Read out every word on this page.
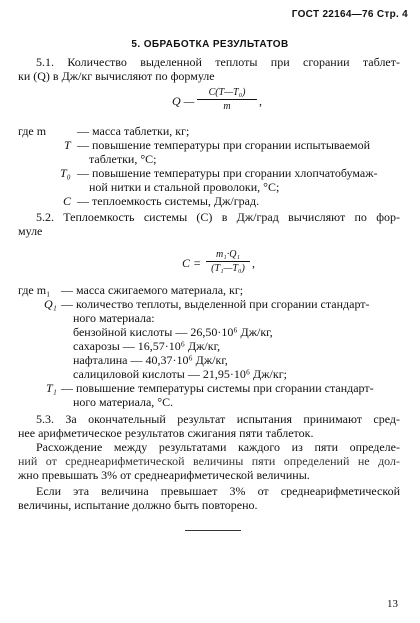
ГОСТ 22164—76 Стр. 4
5. ОБРАБОТКА РЕЗУЛЬТАТОВ
5.1. Количество выделенной теплоты при сгорании таблет-
ки (Q) в Дж/кг вычисляют по формуле
Q —
C(T—T₀)
m	,
где m	— масса таблетки, кг;
T — повышение температуры при сгорании испытываемой
таблетки, °С;
T₀ — повышение температуры при сгорании хлопчатобумаж-
ной нитки и стальной проволоки, °С;
C — теплоемкость системы, Дж/град.
5.2. Теплоемкость системы (C) в Дж/град вычисляют по фор-
муле
C =
m₁·Q₁
(T₁—T₀) ,
где m₁ — масса сжигаемого материала, кг;
Q₁ — количество теплоты, выделенной при сгорании стандарт-
ного материала:
бензойной кислоты — 26,50·10⁶ Дж/кг,
сахарозы — 16,57·10⁶ Дж/кг,
нафталина — 40,37·10⁶ Дж/кг,
салициловой кислоты — 21,95·10⁶ Дж/кг;
T₁ — повышение температуры системы при сгорании стандарт-
ного материала, °С.
5.3. За окончательный результат испытания принимают сред-
нее арифметическое результатов сжигания пяти таблеток.
Расхождение между результатами каждого из пяти определе-
ний от среднеарифметической величины пяти определений не дол-
жно превышать 3% от среднеарифметической величины.
Если эта величина превышает 3% от среднеарифметической
величины, испытание должно быть повторено.
13
